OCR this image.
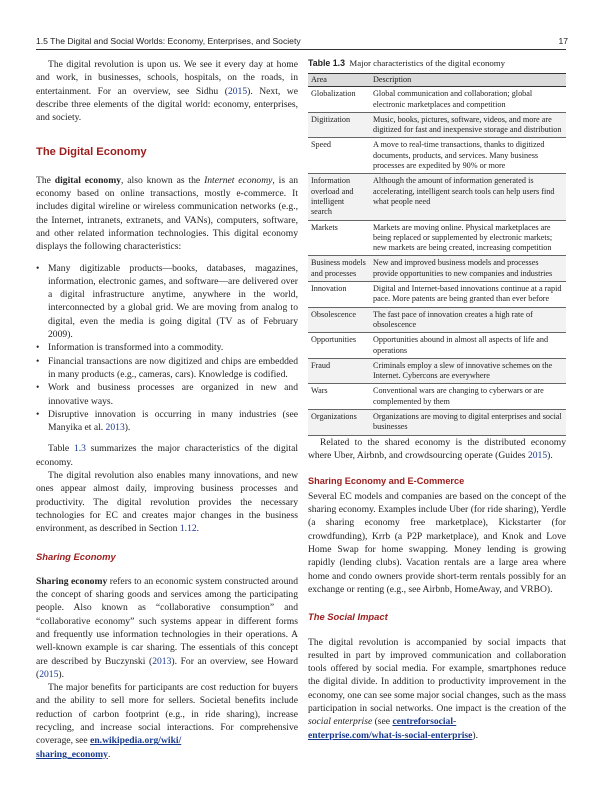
1.5 The Digital and Social Worlds: Economy, Enterprises, and Society	17

The digital revolution is upon us. We see it every day at home and work, in businesses, schools, hospitals, on the roads, in entertainment. For an overview, see Sidhu (2015). Next, we describe three elements of the digital world: economy, enterprises, and society.

The Digital Economy

The digital economy, also known as the Internet economy, is an economy based on online transactions, mostly e-commerce. It includes digital wireline or wireless communication networks (e.g., the Internet, intranets, extranets, and VANs), computers, software, and other related information technologies. This digital economy displays the following characteristics:

• Many digitizable products—books, databases, magazines, information, electronic games, and software—are delivered over a digital infrastructure anytime, anywhere in the world, interconnected by a global grid. We are moving from analog to digital, even the media is going digital (TV as of February 2009).
• Information is transformed into a commodity.
• Financial transactions are now digitized and chips are embedded in many products (e.g., cameras, cars). Knowledge is codified.
• Work and business processes are organized in new and innovative ways.
• Disruptive innovation is occurring in many industries (see Manyika et al. 2013).

Table 1.3 summarizes the major characteristics of the digital economy.

The digital revolution also enables many innovations, and new ones appear almost daily, improving business processes and productivity. The digital revolution provides the necessary technologies for EC and creates major changes in the business environment, as described in Section 1.12.

Sharing Economy

Sharing economy refers to an economic system constructed around the concept of sharing goods and services among the participating people. Also known as “collaborative consumption” and “collaborative economy” such systems appear in different forms and frequently use information technologies in their operations. A well-known example is car sharing. The essentials of this concept are described by Buczynski (2013). For an overview, see Howard (2015).

The major benefits for participants are cost reduction for buyers and the ability to sell more for sellers. Societal benefits include reduction of carbon footprint (e.g., in ride sharing), increase recycling, and increase social interactions. For comprehensive coverage, see en.wikipedia.org/wiki/
sharing_economy.

Table 1.3 Major characteristics of the digital economy
Area	Description
Globalization	Global communication and collaboration; global electronic marketplaces and competition
Digitization	Music, books, pictures, software, videos, and more are digitized for fast and inexpensive storage and distribution
Speed	A move to real-time transactions, thanks to digitized documents, products, and services. Many business processes are expedited by 90% or more
Information overload and intelligent search	Although the amount of information generated is accelerating, intelligent search tools can help users find what people need
Markets	Markets are moving online. Physical marketplaces are being replaced or supplemented by electronic markets; new markets are being created, increasing competition
Business models and processes	New and improved business models and processes provide opportunities to new companies and industries
Innovation	Digital and Internet-based innovations continue at a rapid pace. More patents are being granted than ever before
Obsolescence	The fast pace of innovation creates a high rate of obsolescence
Opportunities	Opportunities abound in almost all aspects of life and operations
Fraud	Criminals employ a slew of innovative schemes on the Internet. Cybercons are everywhere
Wars	Conventional wars are changing to cyberwars or are complemented by them
Organizations	Organizations are moving to digital enterprises and social businesses

Related to the shared economy is the distributed economy where Uber, Airbnb, and crowdsourcing operate (Guides 2015).

Sharing Economy and E-Commerce

Several EC models and companies are based on the concept of the sharing economy. Examples include Uber (for ride sharing), Yerdle (a sharing economy free marketplace), Kickstarter (for crowdfunding), Krrb (a P2P marketplace), and Knok and Love Home Swap for home swapping. Money lending is growing rapidly (lending clubs). Vacation rentals are a large area where home and condo owners provide short-term rentals possibly for an exchange or renting (e.g., see Airbnb, HomeAway, and VRBO).

The Social Impact

The digital revolution is accompanied by social impacts that resulted in part by improved communication and collaboration tools offered by social media. For example, smartphones reduce the digital divide. In addition to productivity improvement in the economy, one can see some major social changes, such as the mass participation in social networks. One impact is the creation of the social enterprise (see centreforsocial-
enterprise.com/what-is-social-enterprise).
